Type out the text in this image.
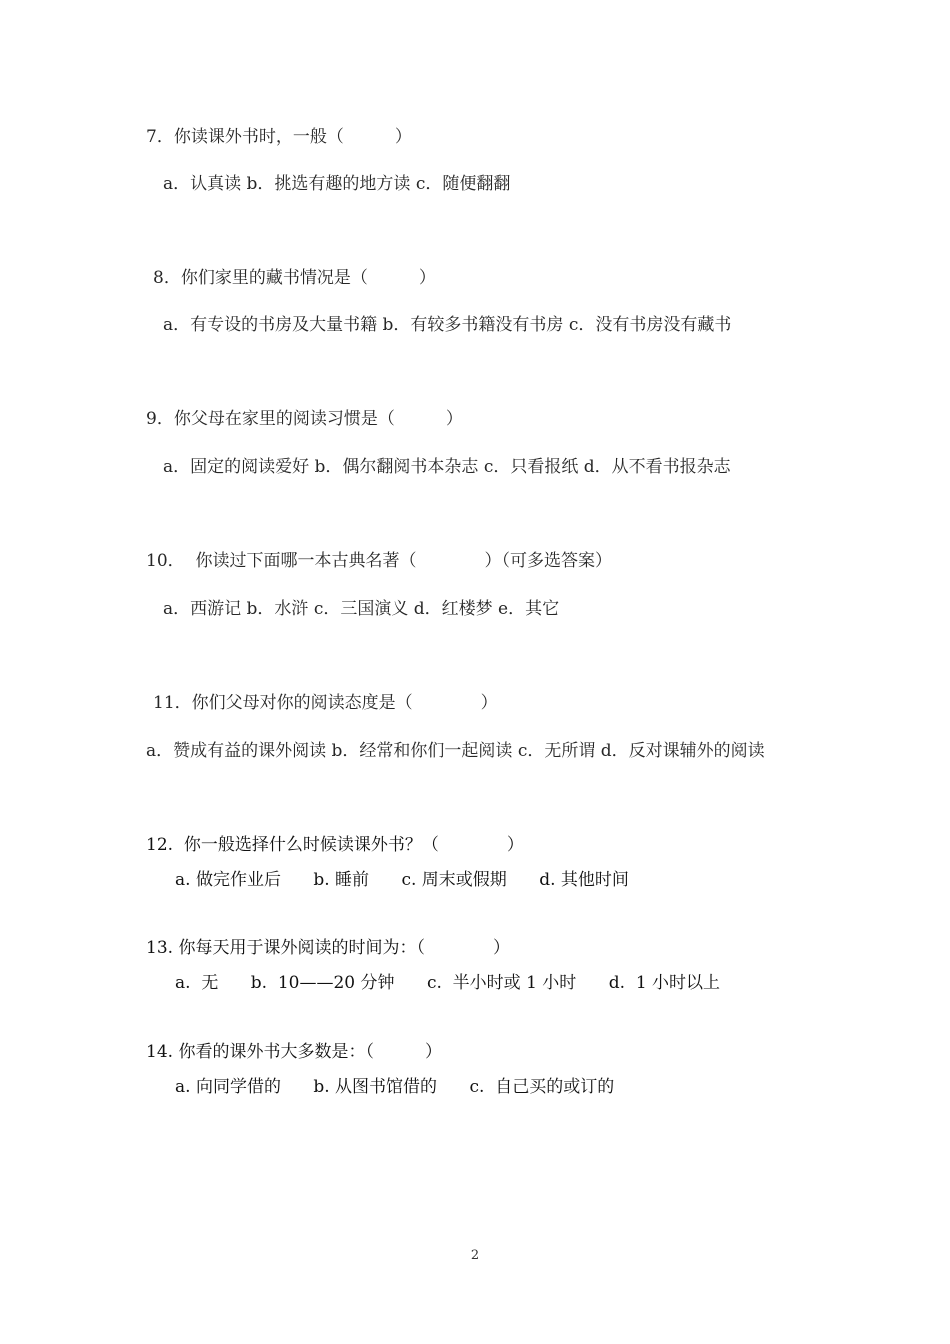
7．你读课外书时，一般（　　　）
a．认真读 b．挑选有趣的地方读 c．随便翻翻
8．你们家里的藏书情况是（　　　）
a．有专设的书房及大量书籍 b．有较多书籍没有书房 c．没有书房没有藏书
9．你父母在家里的阅读习惯是（　　　）
a．固定的阅读爱好 b．偶尔翻阅书本杂志 c．只看报纸 d．从不看书报杂志
10．  你读过下面哪一本古典名著（　　　　）（可多选答案）
a．西游记 b．水浒 c．三国演义 d．红楼梦 e．其它
11．你们父母对你的阅读态度是（　　　　）
a．赞成有益的课外阅读 b．经常和你们一起阅读 c．无所谓 d．反对课辅外的阅读
12.  你一般选择什么时候读课外书？（　　　　）
a. 做完作业后      b. 睡前      c. 周末或假期      d. 其他时间
13. 你每天用于课外阅读的时间为：（　　　　）
a.  无      b.  10——20 分钟      c.  半小时或 1 小时      d.  1 小时以上
14. 你看的课外书大多数是：（　　　）
a. 向同学借的      b. 从图书馆借的      c.  自己买的或订的
2
